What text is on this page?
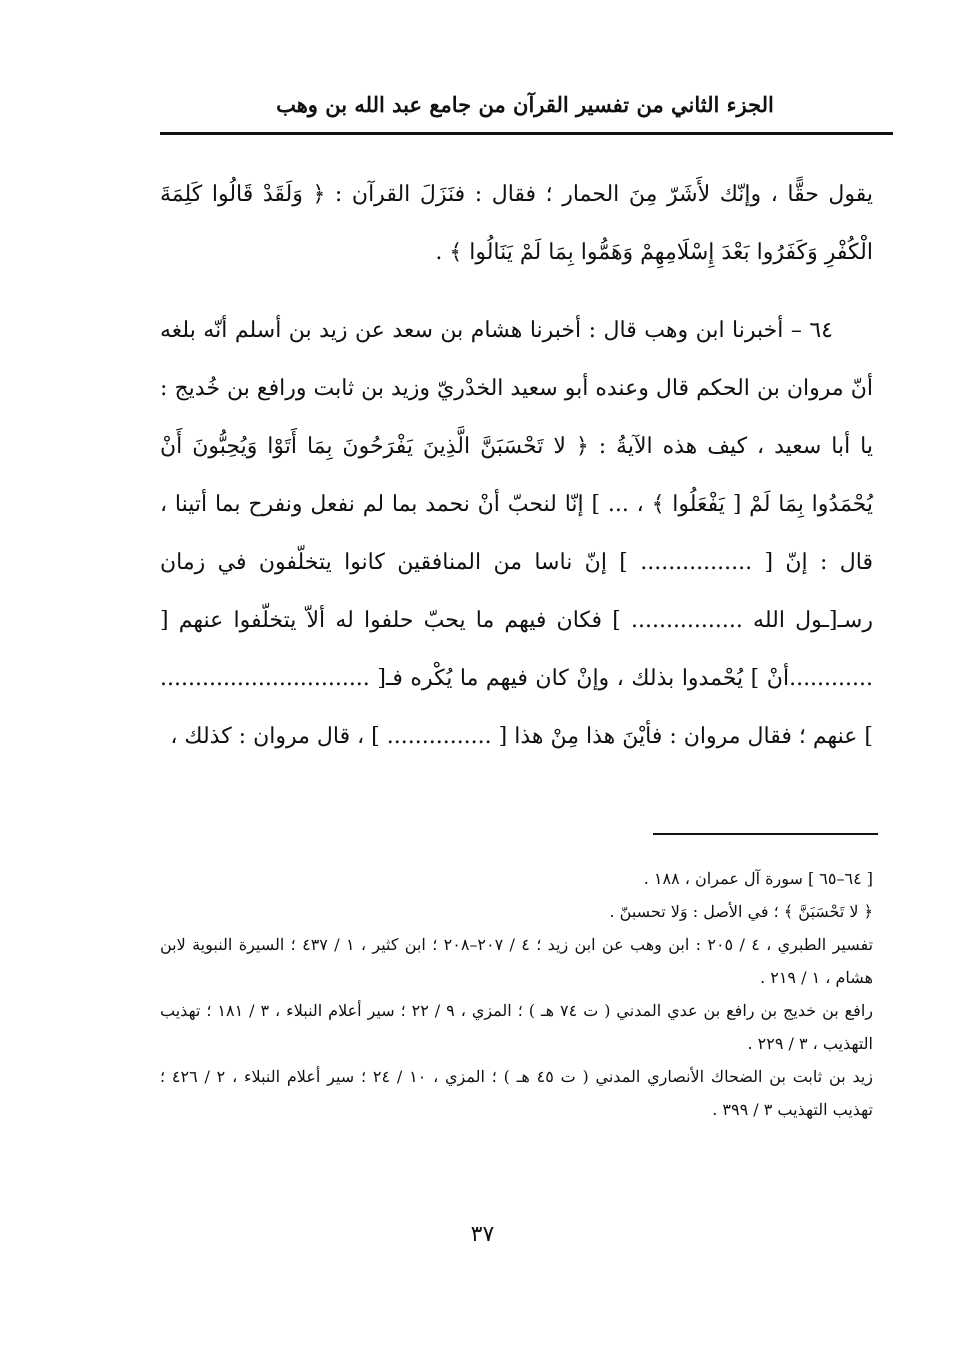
الجزء الثاني من تفسير القرآن من جامع عبد الله بن وهب

يقول حقًّا ، وإنّك لأَشَرّ مِنَ الحمار ؛ فقال : فنَزَلَ القرآن : ﴿ وَلَقَدْ قَالُوا كَلِمَةَ الْكُفْرِ وَكَفَرُوا بَعْدَ إِسْلَامِهِمْ وَهَمُّوا بِمَا لَمْ يَنَالُوا ﴾ .

٦٤ – أخبرنا ابن وهب قال : أخبرنا هشام بن سعد عن زيد بن أسلم أنّه بلغه أنّ مروان بن الحكم قال وعنده أبو سعيد الخدْريّ وزيد بن ثابت ورافع بن خُديج : يا أبا سعيد ، كيف هذه الآيةُ : ﴿ لا تَحْسَبَنَّ الَّذِينَ يَفْرَحُونَ بِمَا أَتَوْا وَيُحِبُّونَ أَنْ يُحْمَدُوا بِمَا لَمْ [ يَفْعَلُوا ﴾ ، ... ] إنّا لنحبّ أنْ نحمد بما لم نفعل ونفرح بما أتينا ، قال : إنّ [ ................ ] إنّ ناسا من المنافقين كانوا يتخلّفون في زمان رسـ[ـول الله ................ ] فكان فيهم ما يحبّ حلفوا له ألاّ يتخلّفوا عنهم [ ............أنْ ] يُحْمدوا بذلك ، وإنْ كان فيهم ما يُكْره فـ[ .............................. ] عنهم ؛ فقال مروان : فأيْنَ هذا مِنْ هذا [ ............... ] ، قال مروان : كذلك ،

[ ٦٤–٦٥ ] سورة آل عمران ، ١٨٨ .
﴿ لا تَحْسَبَنَّ ﴾ ؛ في الأصل : وَلا تحسبنّ .
تفسير الطبري ، ٤ / ٢٠٥ : ابن وهب عن ابن زيد ؛ ٤ / ٢٠٧–٢٠٨ ؛ ابن كثير ، ١ / ٤٣٧ ؛ السيرة النبوية لابن هشام ، ١ / ٢١٩ .
رافع بن خديج بن رافع بن عدي المدني ( ت ٧٤ هـ ) ؛ المزي ، ٩ / ٢٢ ؛ سير أعلام النبلاء ، ٣ / ١٨١ ؛ تهذيب التهذيب ، ٣ / ٢٢٩ .
زيد بن ثابت بن الضحاك الأنصاري المدني ( ت ٤٥ هـ ) ؛ المزي ، ١٠ / ٢٤ ؛ سير أعلام النبلاء ، ٢ / ٤٢٦ ؛ تهذيب التهذيب ٣ / ٣٩٩ .
٣٧
